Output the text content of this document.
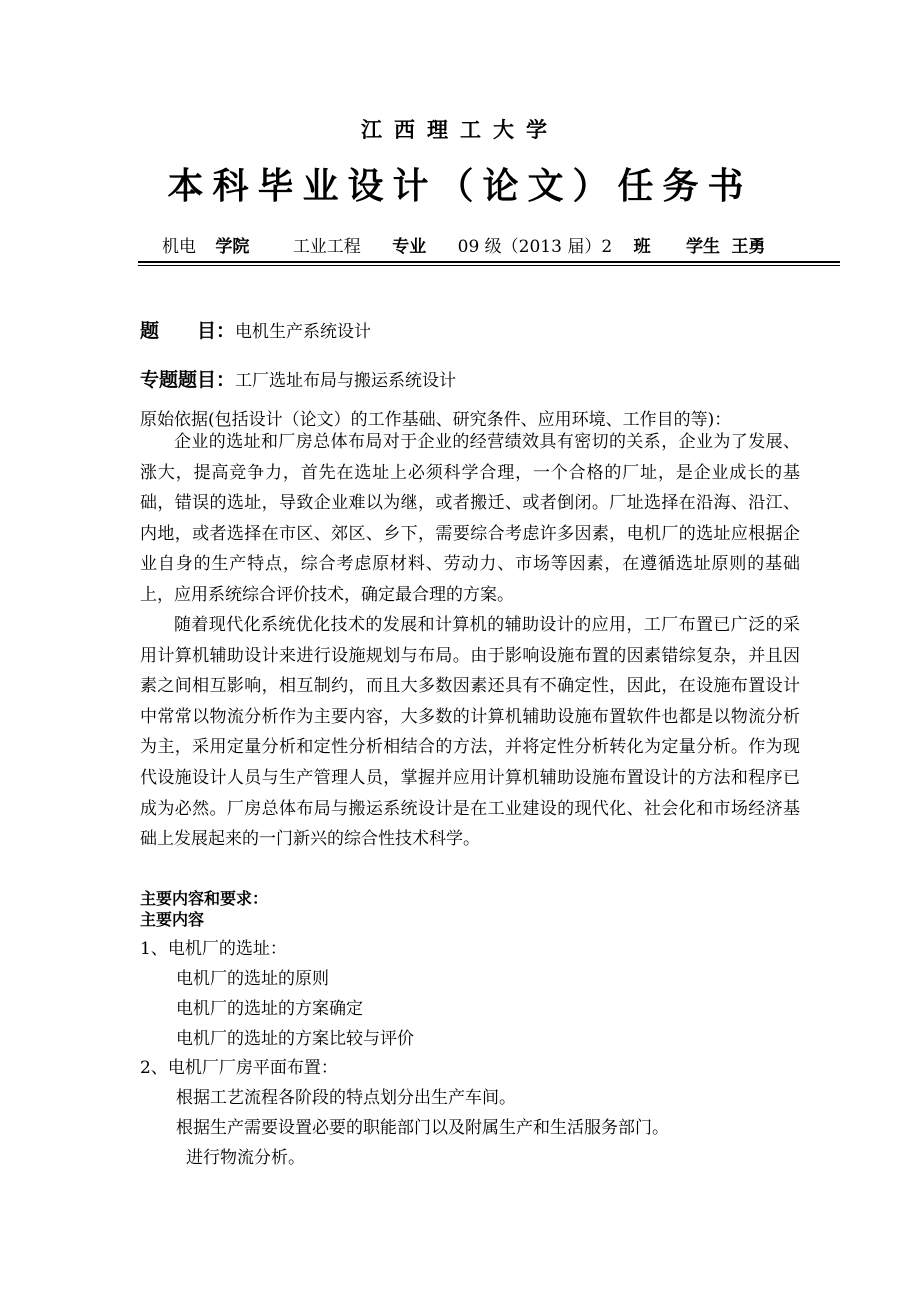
江西理工大学
本科毕业设计（论文）任务书
机电 学院	工业工程 专业 09 级（2013 届）2 班 学生 王勇
题　　目：电机生产系统设计
专题题目：工厂选址布局与搬运系统设计
原始依据(包括设计（论文）的工作基础、研究条件、应用环境、工作目的等)：
企业的选址和厂房总体布局对于企业的经营绩效具有密切的关系，企业为了发展、涨大，提高竞争力，首先在选址上必须科学合理，一个合格的厂址，是企业成长的基础，错误的选址，导致企业难以为继，或者搬迁、或者倒闭。厂址选择在沿海、沿江、内地，或者选择在市区、郊区、乡下，需要综合考虑许多因素，电机厂的选址应根据企业自身的生产特点，综合考虑原材料、劳动力、市场等因素，在遵循选址原则的基础上，应用系统综合评价技术，确定最合理的方案。
随着现代化系统优化技术的发展和计算机的辅助设计的应用，工厂布置已广泛的采用计算机辅助设计来进行设施规划与布局。由于影响设施布置的因素错综复杂，并且因素之间相互影响，相互制约，而且大多数因素还具有不确定性，因此，在设施布置设计中常常以物流分析作为主要内容，大多数的计算机辅助设施布置软件也都是以物流分析为主，采用定量分析和定性分析相结合的方法，并将定性分析转化为定量分析。作为现代设施设计人员与生产管理人员，掌握并应用计算机辅助设施布置设计的方法和程序已成为必然。厂房总体布局与搬运系统设计是在工业建设的现代化、社会化和市场经济基础上发展起来的一门新兴的综合性技术科学。
主要内容和要求：
主要内容
1、电机厂的选址：
电机厂的选址的原则
电机厂的选址的方案确定
电机厂的选址的方案比较与评价
2、电机厂厂房平面布置：
根据工艺流程各阶段的特点划分出生产车间。
根据生产需要设置必要的职能部门以及附属生产和生活服务部门。
进行物流分析。
